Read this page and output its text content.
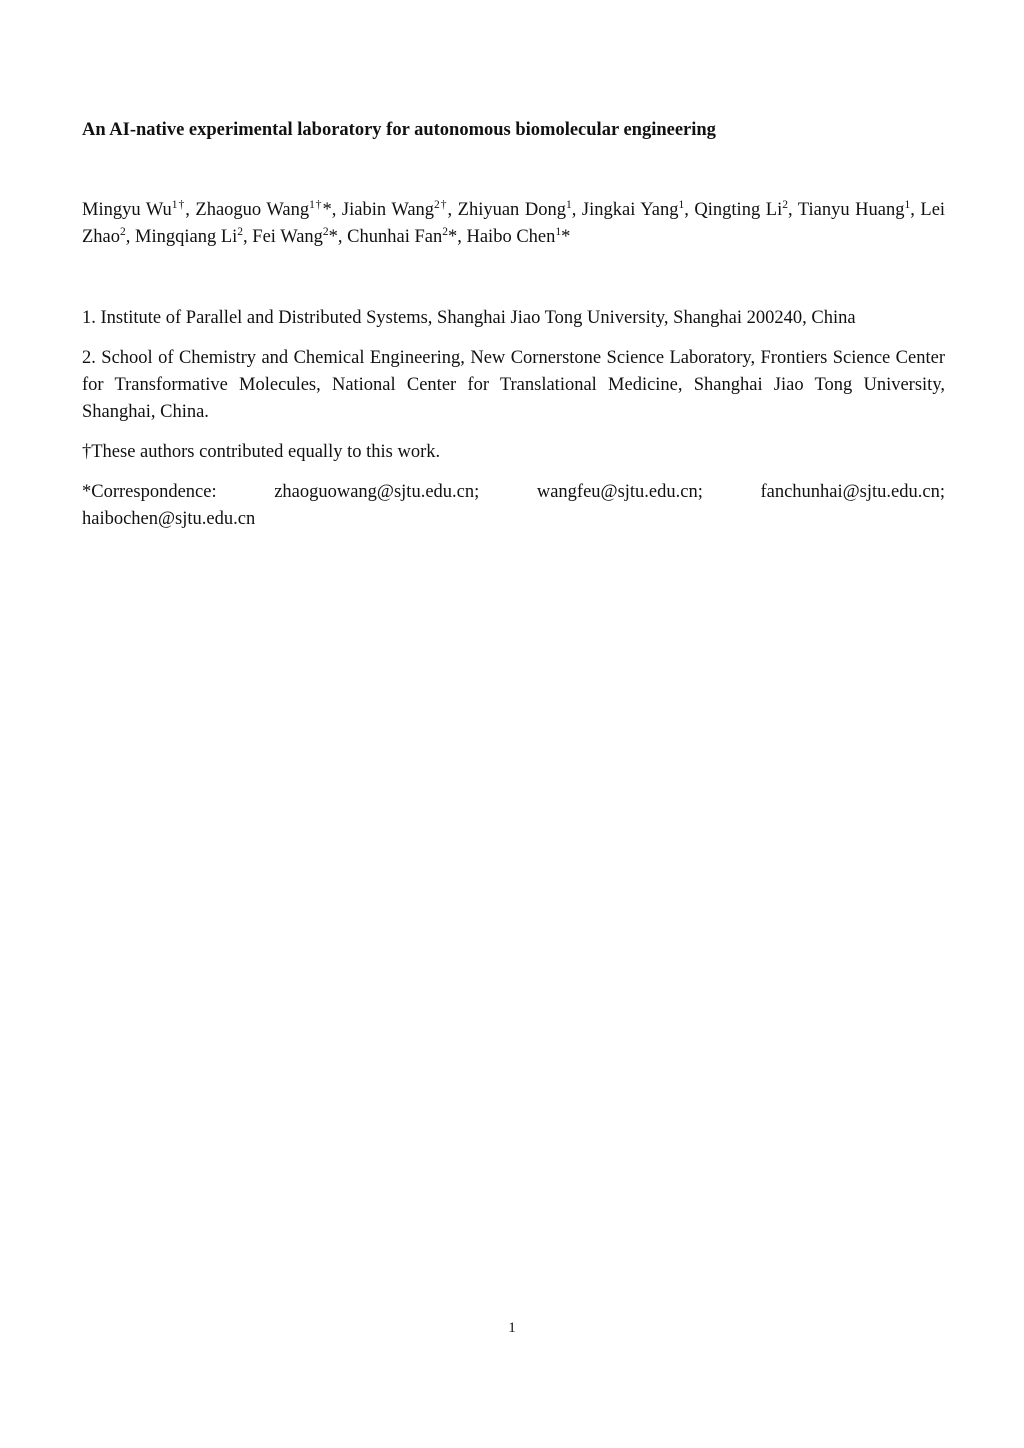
An AI-native experimental laboratory for autonomous biomolecular engineering

Mingyu $Wu^{1\dagger}$, Zhaoguo Wang$^{1\dagger}$*, Jiabin Wang$^{2\dagger}$, Zhiyuan Dong$^1$, Jingkai Yang$^1$, Qingting Li$^2$, Tianyu Huang$^1$, Lei Zhao$^2$, Mingqiang Li$^2$, Fei Wang$^2$*, Chunhai Fan$^2$*, Haibo Chen$^1$*

1. Institute of Parallel and Distributed Systems, Shanghai Jiao Tong University, Shanghai 200240, China

2. School of Chemistry and Chemical Engineering, New Cornerstone Science Laboratory, Frontiers Science Center for Transformative Molecules, National Center for Translational Medicine, Shanghai Jiao Tong University, Shanghai, China.

†These authors contributed equally to this work.

*Correspondence:	zhaoguowang@sjtu.edu.cn;	wangfeu@sjtu.edu.cn;	fanchunhai@sjtu.edu.cn;
haibochen@sjtu.edu.cn
1
